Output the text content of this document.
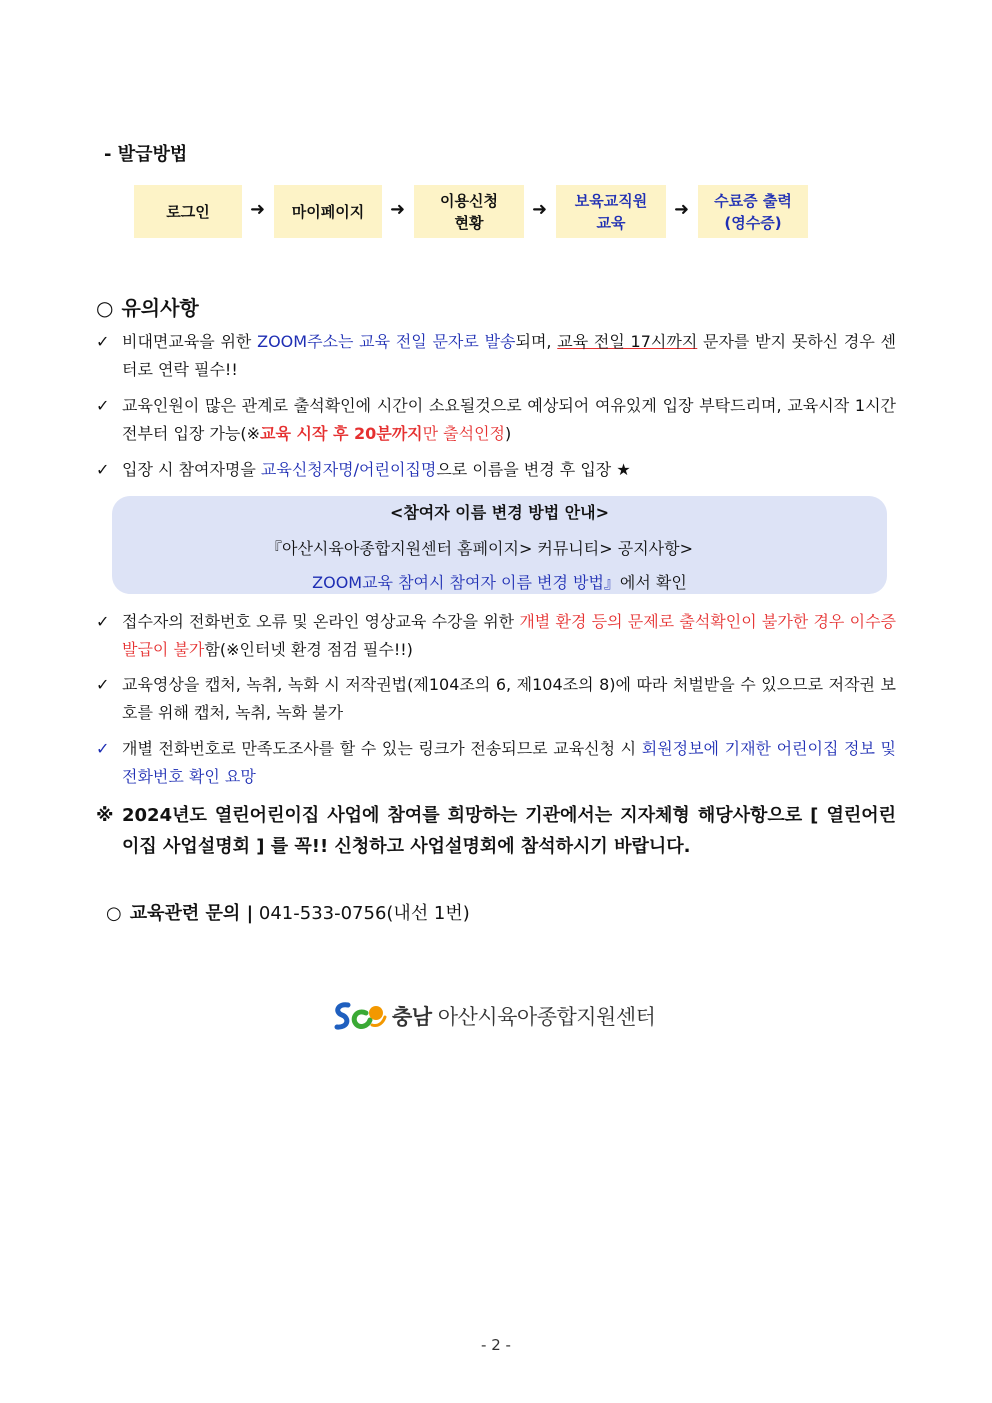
- 발급방법
로그인	➜	마이페이지	➜	이용신청
현황
➜	보육교직원
교육
➜	수료증 출력
(영수증)
○ 유의사항
✓ 비대면교육을 위한 ZOOM주소는 교육 전일 문자로 발송되며, 교육 전일 17시까지 문자를 받지 못하신 경우 센터로 연락 필수!!
✓ 교육인원이 많은 관계로 출석확인에 시간이 소요될것으로 예상되어 여유있게 입장 부탁드리며, 교육시작 1시간 전부터 입장 가능(※교육 시작 후 20분까지만 출석인정)
✓ 입장 시 참여자명을 교육신청자명/어린이집명으로 이름을 변경 후 입장 ★
<참여자 이름 변경 방법 안내>
『아산시육아종합지원센터 홈페이지> 커뮤니티> 공지사항>
ZOOM교육 참여시 참여자 이름 변경 방법』에서 확인
✓ 접수자의 전화번호 오류 및 온라인 영상교육 수강을 위한 개별 환경 등의 문제로 출석확인이 불가한 경우 이수증 발급이 불가함(※인터넷 환경 점검 필수!!)
✓ 교육영상을 캡처, 녹취, 녹화 시 저작권법(제104조의 6, 제104조의 8)에 따라 처벌받을 수 있으므로 저작권 보호를 위해 캡처, 녹취, 녹화 불가
✓ 개별 전화번호로 만족도조사를 할 수 있는 링크가 전송되므로 교육신청 시 회원정보에 기재한 어린이집 정보 및 전화번호 확인 요망
※ 2024년도 열린어린이집 사업에 참여를 희망하는 기관에서는 지자체형 해당사항으로 [ 열린어린이집 사업설명회 ] 를 꼭!! 신청하고 사업설명회에 참석하시기 바랍니다.
○ 교육관련 문의 | 041-533-0756(내선 1번)
충남 아산시육아종합지원센터
- 2 -
